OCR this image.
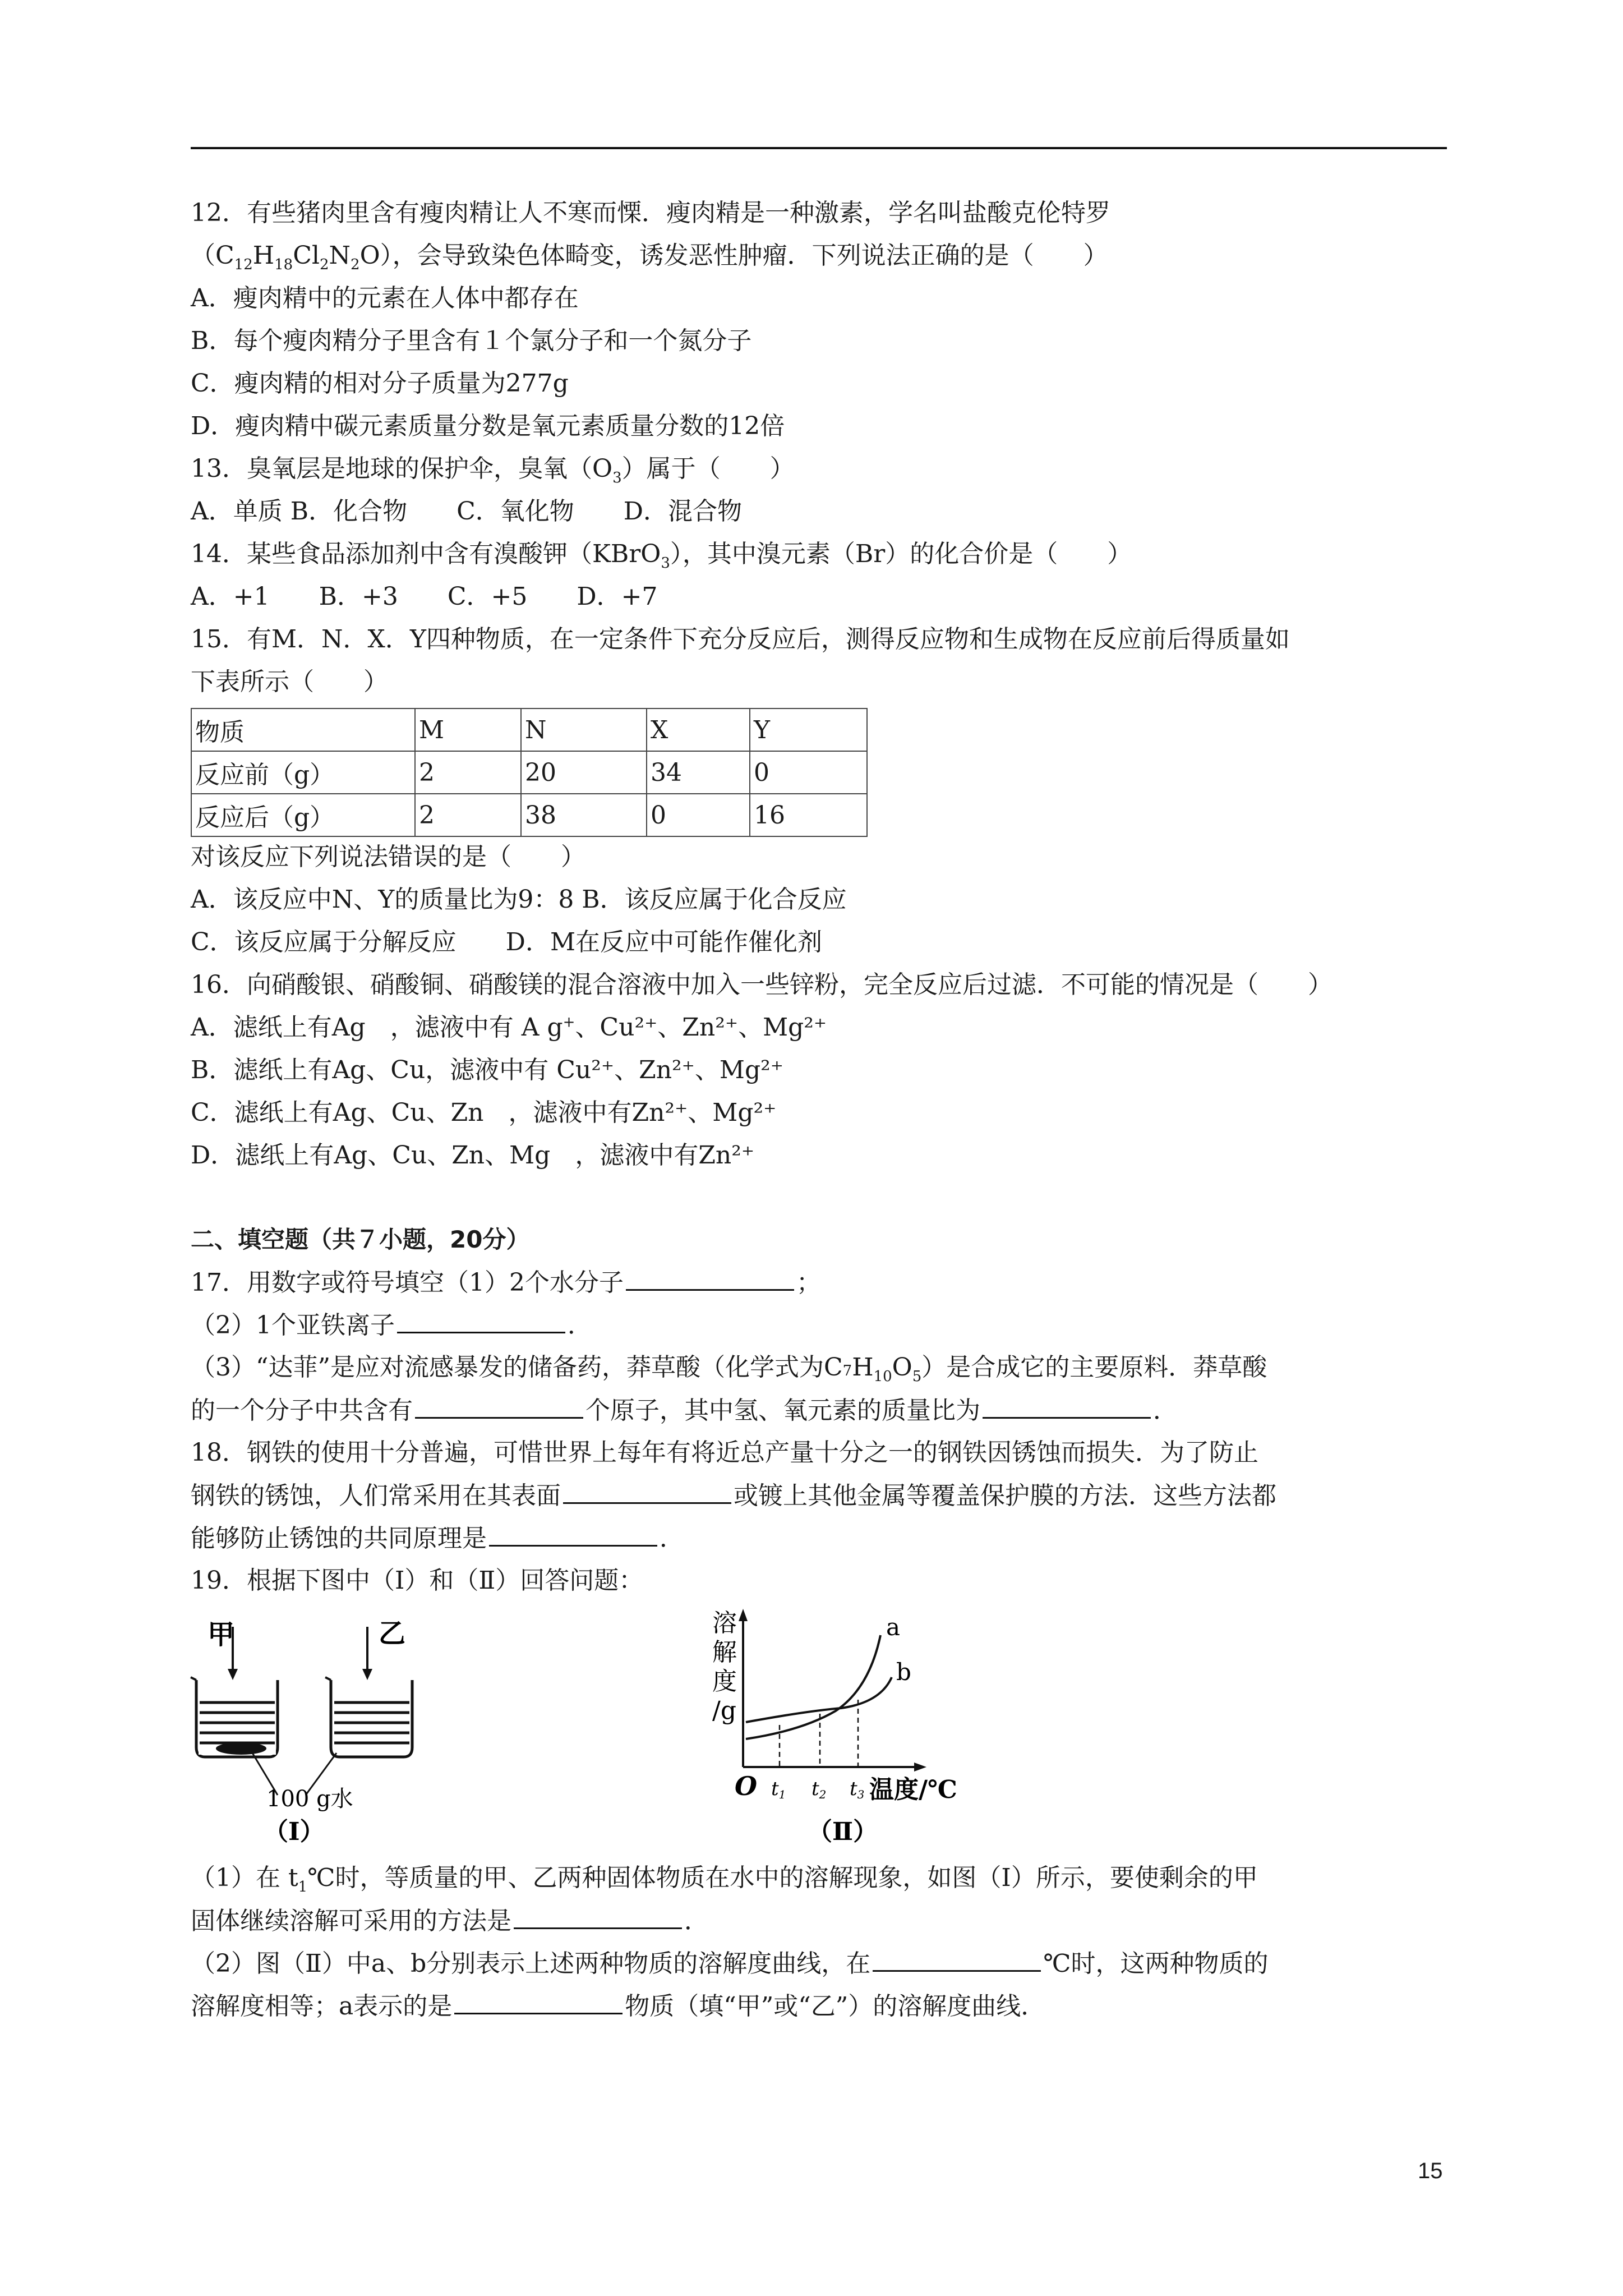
12．有些猪肉里含有瘦肉精让人不寒而慄．瘦肉精是一种激素，学名叫盐酸克伦特罗
$(C_{12}H_{18}Cl_2N_2O)$，会导致染色体畸变，诱发恶性肿瘤．下列说法正确的是（　　）
A．瘦肉精中的元素在人体中都存在
B．每个瘦肉精分子里含有１个氯分子和一个氮分子
C．瘦肉精的相对分子质量为277g
D．瘦肉精中碳元素质量分数是氧元素质量分数的12倍
13．臭氧层是地球的保护伞，臭氧$(O_3)$属于（　　）
A．单质 B．化合物　　C．氧化物　　D．混合物
14．某些食品添加剂中含有溴酸钾（KBrO$_3$），其中溴元素（Br）的化合价是（　　）
A．+1　　B．+3　　C．+5　　D．+7
15．有M．N．X．Y四种物质，在一定条件下充分反应后，测得反应物和生成物在反应前后得质量如
下表所示（　　）
物质	M	N	X	Y
反应前（g）	2	20	34	0
反应后（g）	2	38	0	16
对该反应下列说法错误的是（　　）
A．该反应中N、Y的质量比为9：8 B．该反应属于化合反应
C．该反应属于分解反应　　D．M在反应中可能作催化剂
16．向硝酸银、硝酸铜、硝酸镁的混合溶液中加入一些锌粉，完全反应后过滤．不可能的情况是（　　）
A．滤纸上有Ag　，滤液中有 A g+、Cu²⁺、Zn²⁺、Mg²⁺
B．滤纸上有Ag、Cu，滤液中有 Cu²⁺、Zn²⁺、Mg²⁺
C．滤纸上有Ag、Cu、Zn　，滤液中有Zn²⁺、Mg²⁺
D．滤纸上有Ag、Cu、Zn、Mg　，滤液中有Zn²⁺
二、填空题（共７小题，20分）
17．用数字或符号填空（1）2个水分子	；
（2）1个亚铁离子	．
（3）“达菲”是应对流感暴发的储备药，莽草酸（化学式为$C7H_{10}O_5$）是合成它的主要原料．莽草酸
的一个分子中共含有	个原子，其中氢、氧元素的质量比为	．
18．钢铁的使用十分普遍，可惜世界上每年有将近总产量十分之一的钢铁因锈蚀而损失．为了防止
钢铁的锈蚀，人们常采用在其表面	或镀上其他金属等覆盖保护膜的方法．这些方法都
能够防止锈蚀的共同原理是	．
19．根据下图中（Ⅰ）和（Ⅱ）回答问题：
甲	乙
100 g水
（Ⅰ）
溶
解
度
/g
a
b
O t1 t2 t3 温度/℃
（Ⅱ）
（1）在 $t_1℃$时，等质量的甲、乙两种固体物质在水中的溶解现象，如图（Ⅰ）所示，要使剩余的甲
固体继续溶解可采用的方法是	．
（2）图（Ⅱ）中a、b分别表示上述两种物质的溶解度曲线，在	℃时，这两种物质的
溶解度相等；a表示的是	物质（填“甲”或“乙”）的溶解度曲线．
15
